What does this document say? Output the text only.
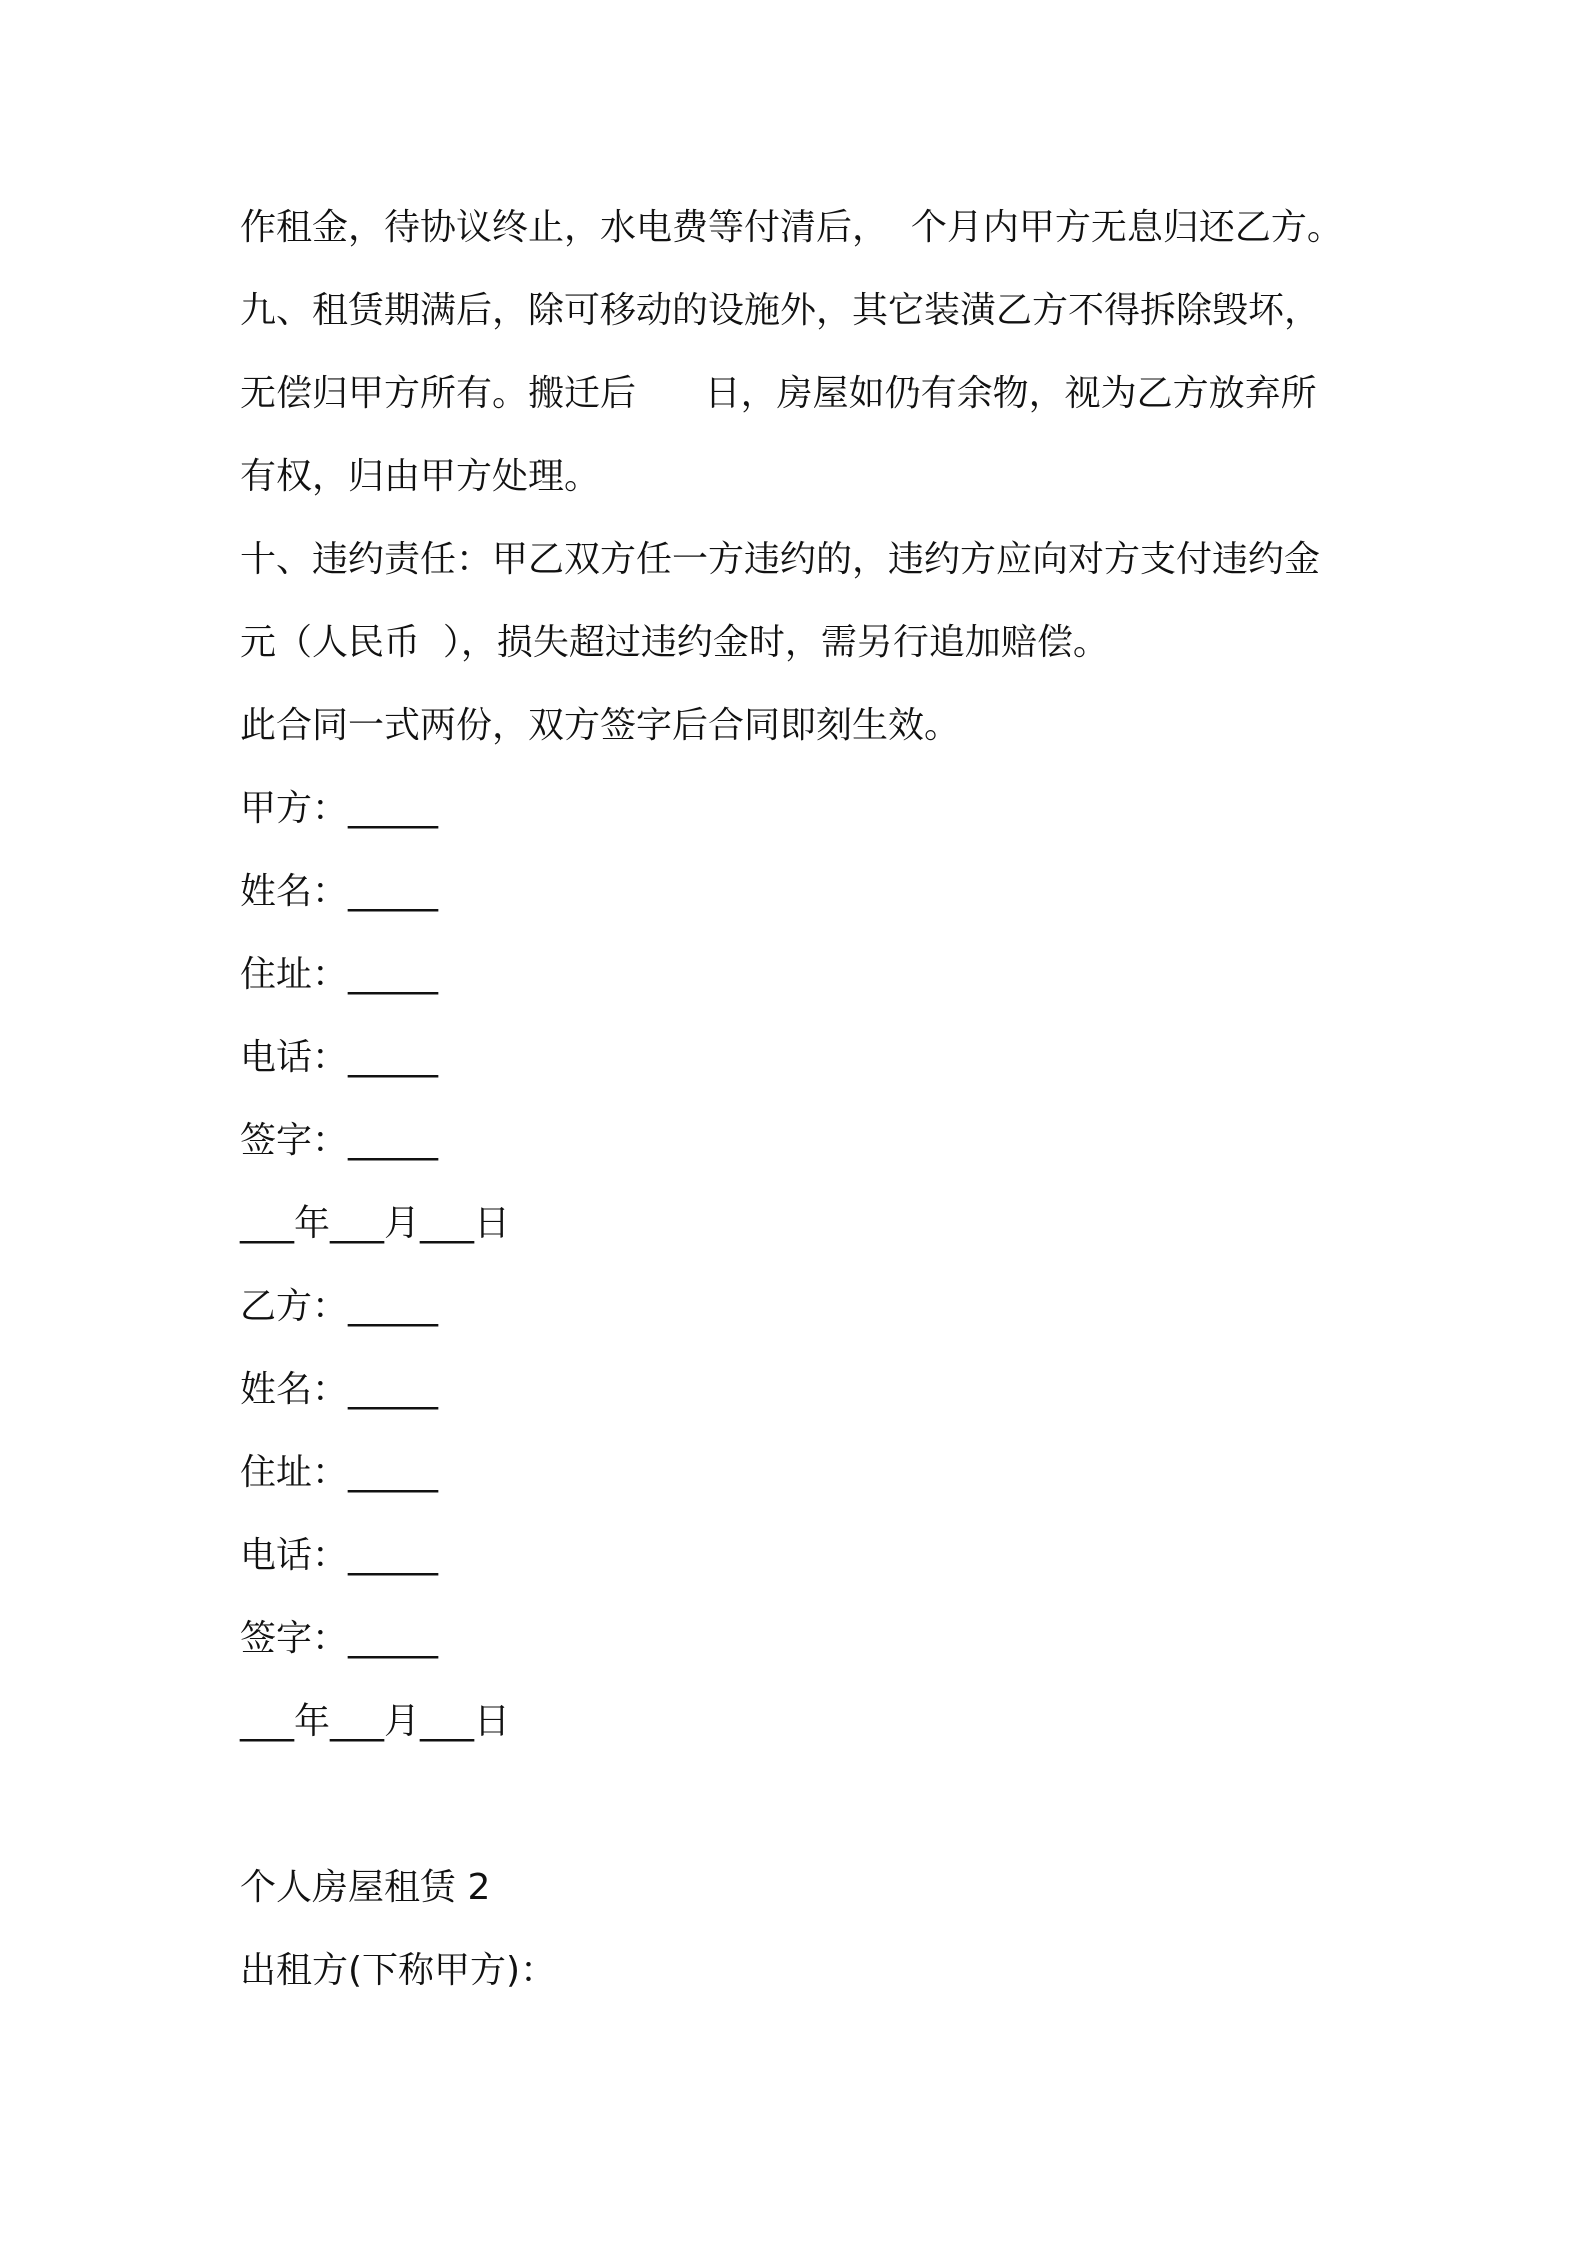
作租金，待协议终止，水电费等付清后，  个月内甲方无息归还乙方。
九、租赁期满后，除可移动的设施外，其它装潢乙方不得拆除毁坏，
无偿归甲方所有。搬迁后      日，房屋如仍有余物，视为乙方放弃所
有权，归由甲方处理。
十、违约责任：甲乙双方任一方违约的，违约方应向对方支付违约金
元（人民币  ），损失超过违约金时，需另行追加赔偿。
此合同一式两份，双方签字后合同即刻生效。
甲方：_____
姓名：_____
住址：_____
电话：_____
签字：_____
___年___月___日
乙方：_____
姓名：_____
住址：_____
电话：_____
签字：_____
___年___月___日
个人房屋租赁 2
出租方(下称甲方)：
